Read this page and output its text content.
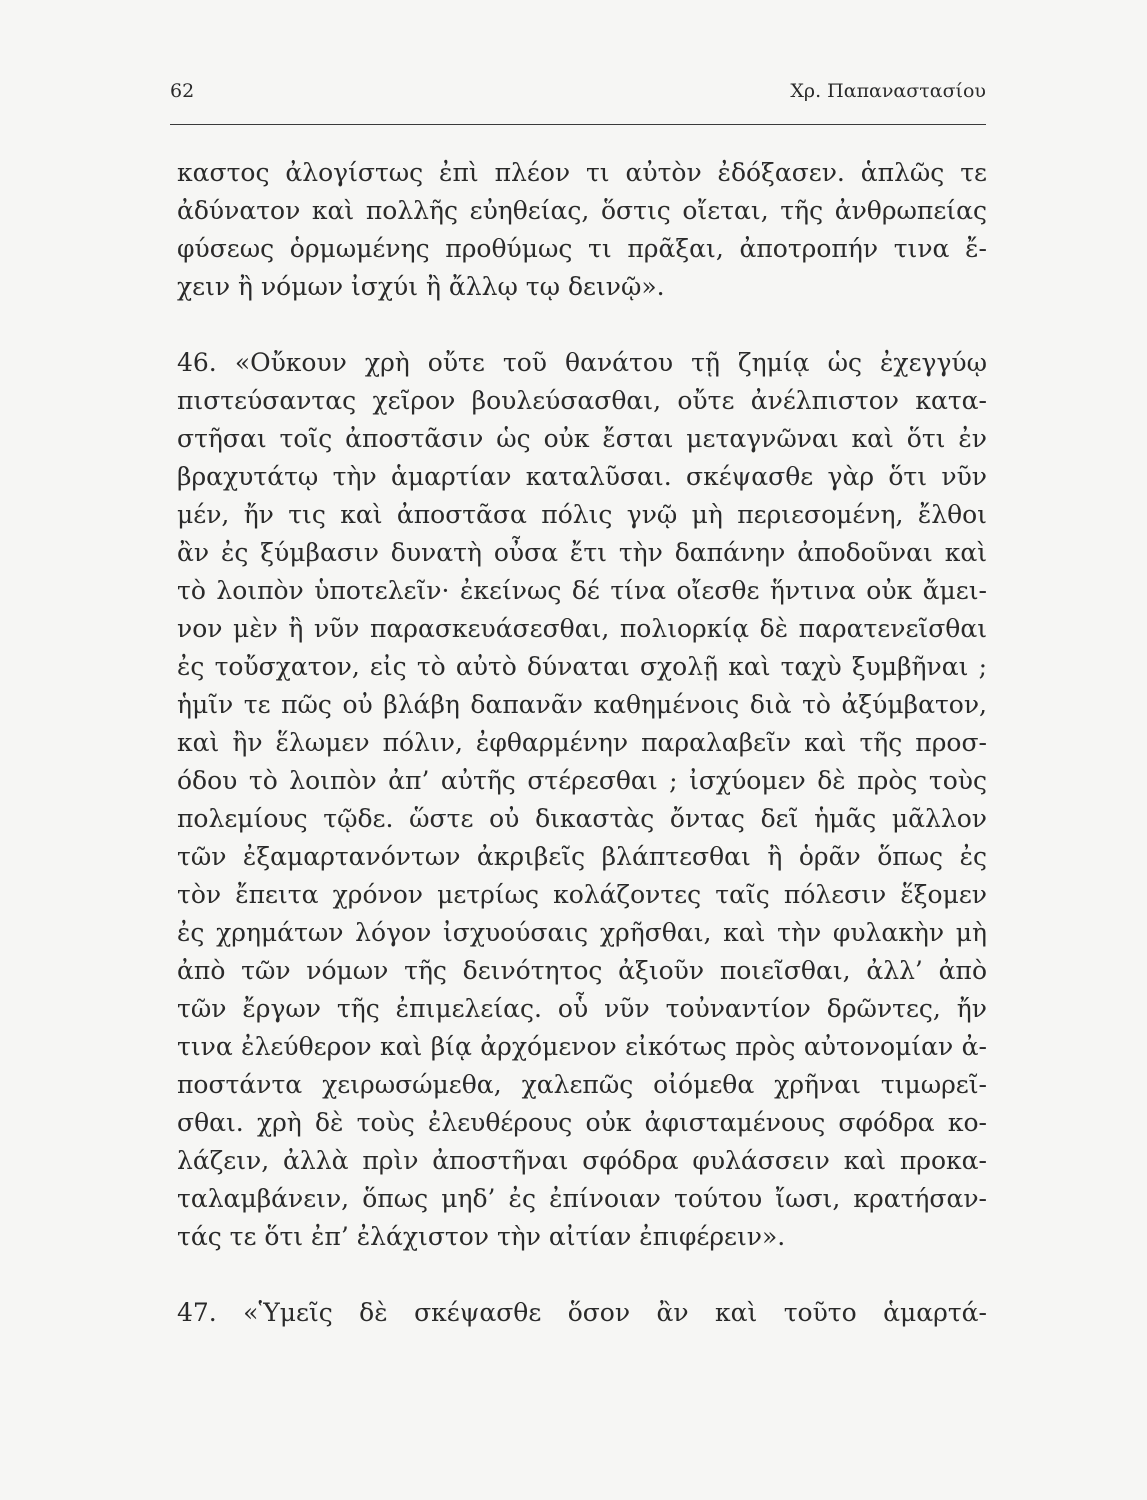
62	Χρ. Παπαναστασίου
καστος ἀλογίστως ἐπὶ πλέον τι αὐτὸν ἐδόξασεν. ἁπλῶς τε
ἀδύνατον καὶ πολλῆς εὐηθείας, ὅστις οἴεται, τῆς ἀνθρωπείας
φύσεως ὁρμωμένης προθύμως τι πρᾶξαι, ἀποτροπήν τινα ἔ-
χειν ἢ νόμων ἰσχύι ἢ ἄλλῳ τῳ δεινῷ».
46. «Οὔκουν χρὴ οὔτε τοῦ θανάτου τῇ ζημίᾳ ὡς ἐχεγγύῳ
πιστεύσαντας χεῖρον βουλεύσασθαι, οὔτε ἀνέλπιστον κατα-
στῆσαι τοῖς ἀποστᾶσιν ὡς οὐκ ἔσται μεταγνῶναι καὶ ὅτι ἐν
βραχυτάτῳ τὴν ἁμαρτίαν καταλῦσαι. σκέψασθε γὰρ ὅτι νῦν
μέν, ἤν τις καὶ ἀποστᾶσα πόλις γνῷ μὴ περιεσομένη, ἔλθοι
ἂν ἐς ξύμβασιν δυνατὴ οὖσα ἔτι τὴν δαπάνην ἀποδοῦναι καὶ
τὸ λοιπὸν ὑποτελεῖν· ἐκείνως δέ τίνα οἴεσθε ἥντινα οὐκ ἄμει-
νον μὲν ἢ νῦν παρασκευάσεσθαι, πολιορκίᾳ δὲ παρατενεῖσθαι
ἐς τοὔσχατον, εἰς τὸ αὐτὸ δύναται σχολῇ καὶ ταχὺ ξυμβῆναι ;
ἡμῖν τε πῶς οὐ βλάβη δαπανᾶν καθημένοις διὰ τὸ ἀξύμβατον,
καὶ ἢν ἕλωμεν πόλιν, ἐφθαρμένην παραλαβεῖν καὶ τῆς προσ-
όδου τὸ λοιπὸν ἀπ’ αὐτῆς στέρεσθαι ; ἰσχύομεν δὲ πρὸς τοὺς
πολεμίους τῷδε. ὥστε οὐ δικαστὰς ὄντας δεῖ ἡμᾶς μᾶλλον
τῶν ἐξαμαρτανόντων ἀκριβεῖς βλάπτεσθαι ἢ ὁρᾶν ὅπως ἐς
τὸν ἔπειτα χρόνον μετρίως κολάζοντες ταῖς πόλεσιν ἕξομεν
ἐς χρημάτων λόγον ἰσχυούσαις χρῆσθαι, καὶ τὴν φυλακὴν μὴ
ἀπὸ τῶν νόμων τῆς δεινότητος ἀξιοῦν ποιεῖσθαι, ἀλλ’ ἀπὸ
τῶν ἔργων τῆς ἐπιμελείας. οὗ νῦν τοὐναντίον δρῶντες, ἤν
τινα ἐλεύθερον καὶ βίᾳ ἀρχόμενον εἰκότως πρὸς αὐτονομίαν ἀ-
ποστάντα χειρωσώμεθα, χαλεπῶς οἰόμεθα χρῆναι τιμωρεῖ-
σθαι. χρὴ δὲ τοὺς ἐλευθέρους οὐκ ἀφισταμένους σφόδρα κο-
λάζειν, ἀλλὰ πρὶν ἀποστῆναι σφόδρα φυλάσσειν καὶ προκα-
ταλαμβάνειν, ὅπως μηδ’ ἐς ἐπίνοιαν τούτου ἴωσι, κρατήσαν-
τάς τε ὅτι ἐπ’ ἐλάχιστον τὴν αἰτίαν ἐπιφέρειν».
47. «Ὑμεῖς δὲ σκέψασθε ὅσον ἂν καὶ τοῦτο ἁμαρτά-
